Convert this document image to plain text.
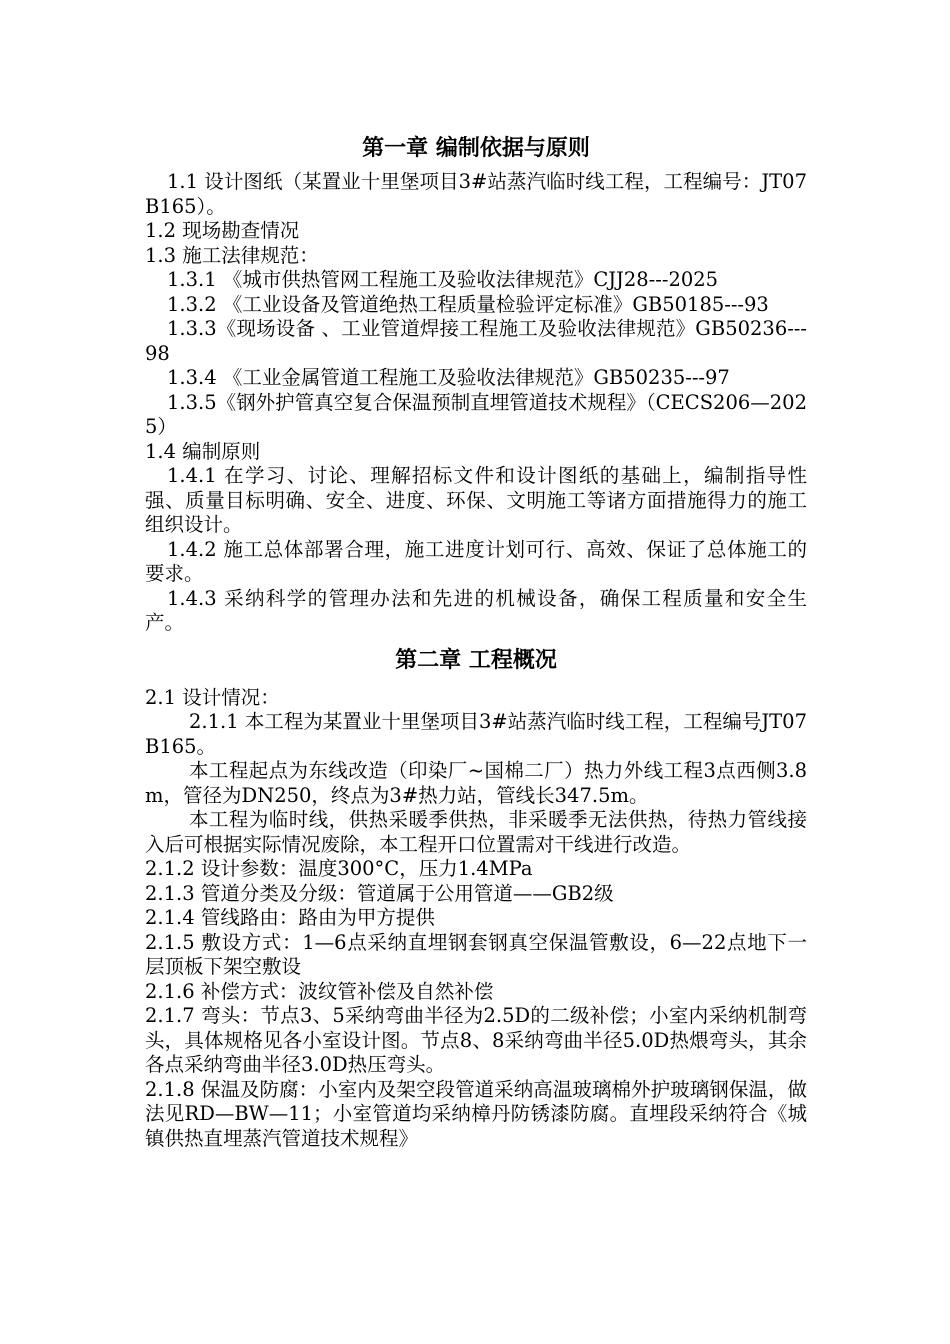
第一章 编制依据与原则

1.1 设计图纸（某置业十里堡项目3#站蒸汽临时线工程，工程编号：JT07B165）。

1.2 现场勘查情况

1.3 施工法律规范：

1.3.1 《城市供热管网工程施工及验收法律规范》CJJ28---2025

1.3.2 《工业设备及管道绝热工程质量检验评定标准》GB50185---93

1.3.3《现场设备 、工业管道焊接工程施工及验收法律规范》GB50236---98

1.3.4 《工业金属管道工程施工及验收法律规范》GB50235---97

1.3.5《钢外护管真空复合保温预制直埋管道技术规程》（CECS206—2025）

1.4 编制原则

1.4.1 在学习、讨论、理解招标文件和设计图纸的基础上，编制指导性强、质量目标明确、安全、进度、环保、文明施工等诸方面措施得力的施工组织设计。

1.4.2 施工总体部署合理，施工进度计划可行、高效、保证了总体施工的要求。

1.4.3 采纳科学的管理办法和先进的机械设备，确保工程质量和安全生产。

第二章 工程概况

2.1 设计情况：

2.1.1 本工程为某置业十里堡项目3#站蒸汽临时线工程，工程编号JT07B165。

本工程起点为东线改造（印染厂~国棉二厂）热力外线工程3点西侧3.8m，管径为DN250，终点为3#热力站，管线长347.5m。

本工程为临时线，供热采暖季供热，非采暖季无法供热，待热力管线接入后可根据实际情况废除，本工程开口位置需对干线进行改造。

2.1.2 设计参数：温度300°C，压力1.4MPa

2.1.3 管道分类及分级：管道属于公用管道——GB2级

2.1.4 管线路由：路由为甲方提供

2.1.5 敷设方式：1—6点采纳直埋钢套钢真空保温管敷设，6—22点地下一层顶板下架空敷设

2.1.6 补偿方式：波纹管补偿及自然补偿

2.1.7 弯头：节点3、5采纳弯曲半径为2.5D的二级补偿；小室内采纳机制弯头，具体规格见各小室设计图。节点8、8采纳弯曲半径5.0D热煨弯头，其余各点采纳弯曲半径3.0D热压弯头。

2.1.8 保温及防腐：小室内及架空段管道采纳高温玻璃棉外护玻璃钢保温，做法见RD—BW—11；小室管道均采纳樟丹防锈漆防腐。直埋段采纳符合《城镇供热直埋蒸汽管道技术规程》
